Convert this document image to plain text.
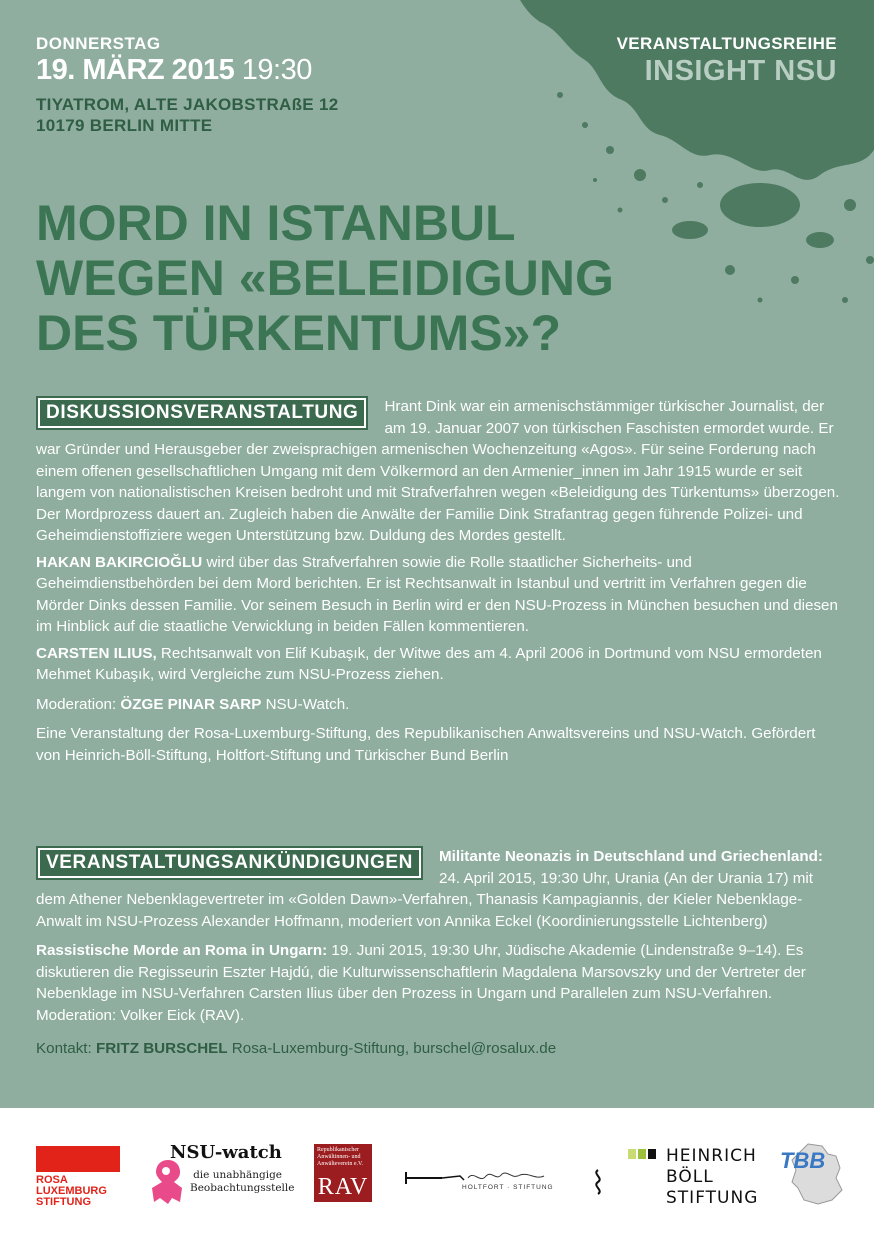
DONNERSTAG
19. MÄRZ 2015 19:30
TIYATROM, ALTE JAKOBSTRAßE 12
10179 BERLIN MITTE
VERANSTALTUNGSREIHE
INSIGHT NSU
MORD IN ISTANBUL
WEGEN «BELEIDIGUNG
DES TÜRKENTUMS»?
DISKUSSIONSVERANSTALTUNG	Hrant Dink war ein armenischstämmiger türkischer Journalist, der am 19. Januar 2007 von türkischen Faschisten ermordet wurde. Er war Gründer und Herausgeber der zweisprachigen armenischen Wochenzeitung «Agos». Für seine Forderung nach einem offenen gesellschaftlichen Umgang mit dem Völkermord an den Armenier_innen im Jahr 1915 wurde er seit langem von nationalistischen Kreisen bedroht und mit Strafverfahren wegen «Beleidigung des Türkentums» überzogen. Der Mordprozess dauert an. Zugleich haben die Anwälte der Familie Dink Strafantrag gegen führende Polizei- und Geheimdienstoffiziere wegen Unterstützung bzw. Duldung des Mordes gestellt.

HAKAN BAKIRCIOĞLU wird über das Strafverfahren sowie die Rolle staatlicher Sicherheits- und Geheimdienstbehörden bei dem Mord berichten. Er ist Rechtsanwalt in Istanbul und vertritt im Verfahren gegen die Mörder Dinks dessen Familie. Vor seinem Besuch in Berlin wird er den NSU-Prozess in München besuchen und diesen im Hinblick auf die staatliche Verwicklung in beiden Fällen kommentieren.

CARSTEN ILIUS, Rechtsanwalt von Elif Kubaşık, der Witwe des am 4. April 2006 in Dortmund vom NSU ermordeten Mehmet Kubaşık, wird Vergleiche zum NSU-Prozess ziehen.

Moderation: ÖZGE PINAR SARP NSU-Watch.

Eine Veranstaltung der Rosa-Luxemburg-Stiftung, des Republikanischen Anwaltsvereins und NSU-Watch. Gefördert von Heinrich-Böll-Stiftung, Holtfort-Stiftung und Türkischer Bund Berlin

VERANSTALTUNGSANKÜNDIGUNGEN	Militante Neonazis in Deutschland und Griechenland: 24. April 2015, 19:30 Uhr, Urania (An der Urania 17) mit dem Athener Nebenklagevertreter im «Golden Dawn»-Verfahren, Thanasis Kampagiannis, der Kieler Nebenklage-Anwalt im NSU-Prozess Alexander Hoffmann, moderiert von Annika Eckel (Koordinierungsstelle Lichtenberg)

Rassistische Morde an Roma in Ungarn: 19. Juni 2015, 19:30 Uhr, Jüdische Akademie (Lindenstraße 9–14). Es diskutieren die Regisseurin Eszter Hajdú, die Kulturwissenschaftlerin Magdalena Marsovszky und der Vertreter der Nebenklage im NSU-Verfahren Carsten Ilius über den Prozess in Ungarn und Parallelen zum NSU-Verfahren. Moderation: Volker Eick (RAV).

Kontakt: FRITZ BURSCHEL Rosa-Luxemburg-Stiftung, burschel@rosalux.de

ROSA
LUXEMBURG
STIFTUNG
NSU-watch
die unabhängige
Beobachtungsstelle
Republikanischer Anwältinnen- und Anwälteverein e.V.
RAV	HOLTFORT · STIFTUNG
HEINRICH
BÖLL
STIFTUNG
TBB
